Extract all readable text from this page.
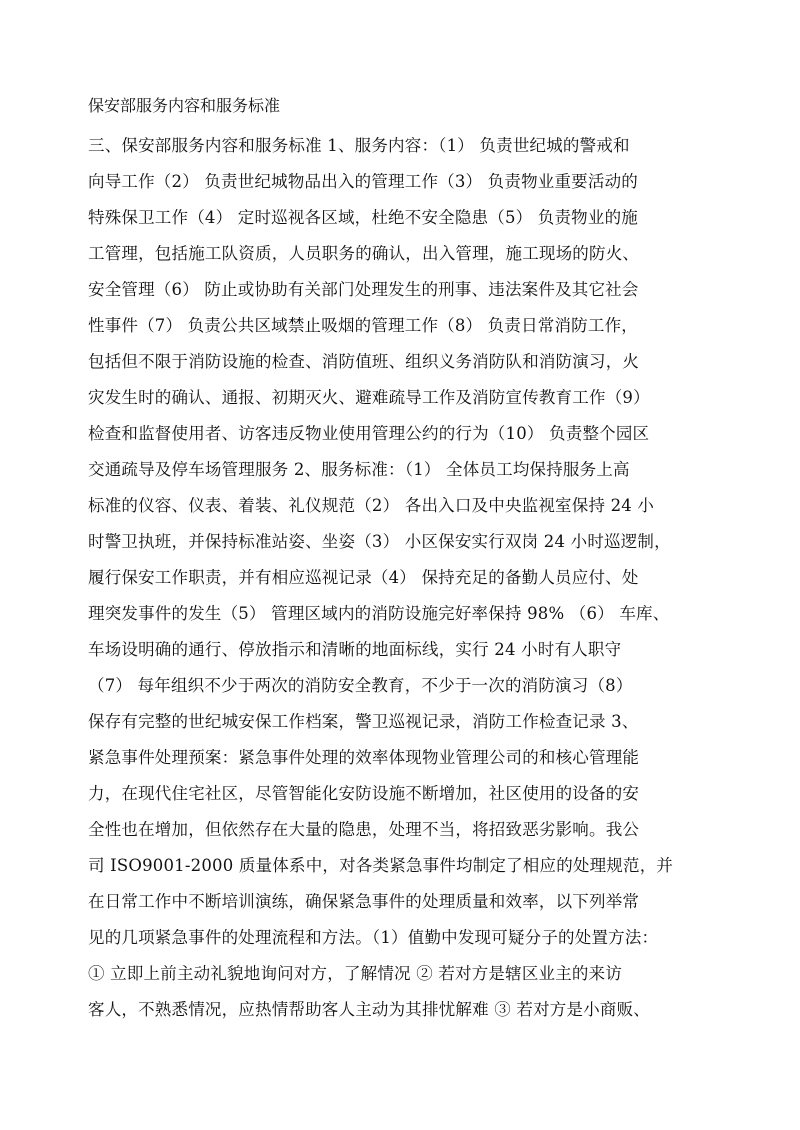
保安部服务内容和服务标准
三、保安部服务内容和服务标准 1、服务内容：（1） 负责世纪城的警戒和
向导工作（2） 负责世纪城物品出入的管理工作（3） 负责物业重要活动的
特殊保卫工作（4） 定时巡视各区域，杜绝不安全隐患（5） 负责物业的施
工管理，包括施工队资质，人员职务的确认，出入管理，施工现场的防火、
安全管理（6） 防止或协助有关部门处理发生的刑事、违法案件及其它社会
性事件（7） 负责公共区域禁止吸烟的管理工作（8） 负责日常消防工作，
包括但不限于消防设施的检查、消防值班、组织义务消防队和消防演习，火
灾发生时的确认、通报、初期灭火、避难疏导工作及消防宣传教育工作（9）
检查和监督使用者、访客违反物业使用管理公约的行为（10） 负责整个园区
交通疏导及停车场管理服务 2、服务标准：（1） 全体员工均保持服务上高
标准的仪容、仪表、着装、礼仪规范（2） 各出入口及中央监视室保持 24 小
时警卫执班，并保持标准站姿、坐姿（3） 小区保安实行双岗 24 小时巡逻制，
履行保安工作职责，并有相应巡视记录（4） 保持充足的备勤人员应付、处
理突发事件的发生（5） 管理区域内的消防设施完好率保持 98% （6） 车库、
车场设明确的通行、停放指示和清晰的地面标线，实行 24 小时有人职守
（7） 每年组织不少于两次的消防安全教育，不少于一次的消防演习（8）
保存有完整的世纪城安保工作档案，警卫巡视记录，消防工作检查记录 3、
紧急事件处理预案：紧急事件处理的效率体现物业管理公司的和核心管理能
力，在现代住宅社区，尽管智能化安防设施不断增加，社区使用的设备的安
全性也在增加，但依然存在大量的隐患，处理不当，将招致恶劣影响。我公
司 ISO9001-2000 质量体系中，对各类紧急事件均制定了相应的处理规范，并
在日常工作中不断培训演练，确保紧急事件的处理质量和效率，以下列举常
见的几项紧急事件的处理流程和方法。（1）值勤中发现可疑分子的处置方法：
① 立即上前主动礼貌地询问对方，了解情况 ② 若对方是辖区业主的来访
客人，不熟悉情况，应热情帮助客人主动为其排忧解难 ③ 若对方是小商贩、
